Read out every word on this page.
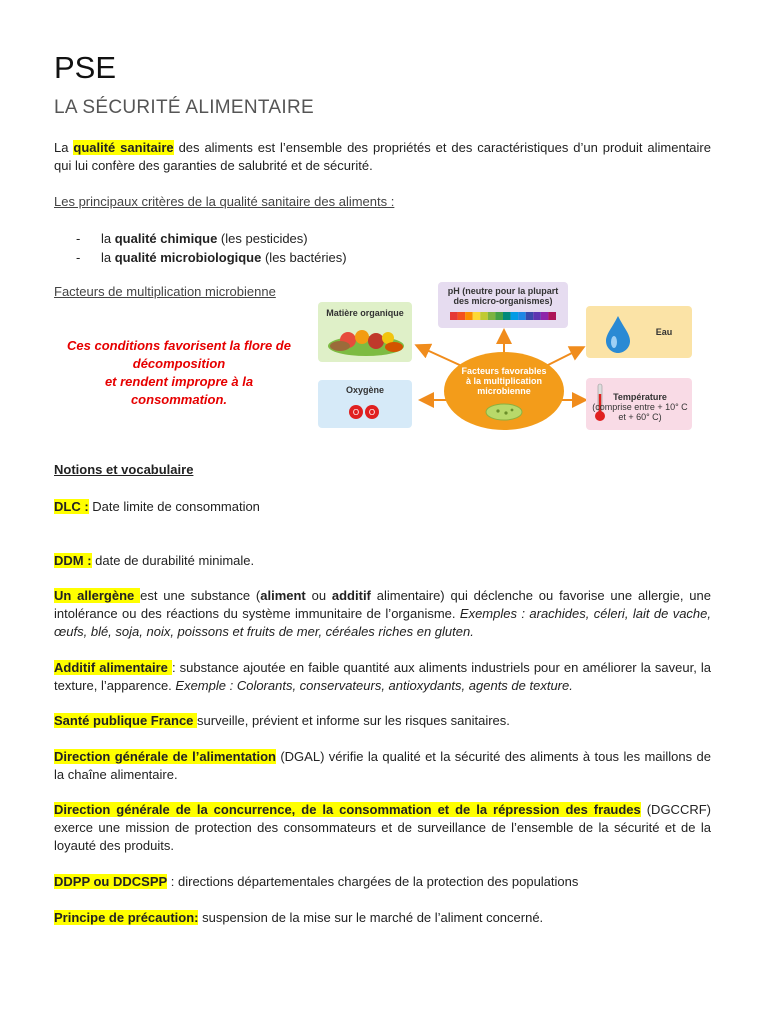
PSE
LA SÉCURITÉ ALIMENTAIRE
La qualité sanitaire des aliments est l’ensemble des propriétés et des caractéristiques d’un produit alimentaire qui lui confère des garanties de salubrité et de sécurité.
Les principaux critères de la qualité sanitaire des aliments :
-	la qualité chimique (les pesticides)
-	la qualité microbiologique (les bactéries)
Facteurs de multiplication microbienne
Ces conditions favorisent la flore de
décomposition
et rendent impropre à la
consommation.
Matière organique
pH (neutre pour la plupart
des micro-organismes)
Eau
Oxygène
O O
Température
(comprise entre + 10° C
et + 60° C)
Facteurs favorables
à la multiplication
microbienne
Notions et vocabulaire
DLC : Date limite de consommation
DDM : date de durabilité minimale.
Un allergène est une substance (aliment ou additif alimentaire) qui déclenche ou favorise une allergie, une intolérance ou des réactions du système immunitaire de l’organisme. Exemples : arachides, céleri, lait de vache, œufs, blé, soja, noix, poissons et fruits de mer, céréales riches en gluten.
Additif alimentaire : substance ajoutée en faible quantité aux aliments industriels pour en améliorer la saveur, la texture, l’apparence. Exemple : Colorants, conservateurs, antioxydants, agents de texture.
Santé publique France surveille, prévient et informe sur les risques sanitaires.
Direction générale de l’alimentation (DGAL) vérifie la qualité et la sécurité des aliments à tous les maillons de la chaîne alimentaire.
Direction générale de la concurrence, de la consommation et de la répression des fraudes (DGCCRF) exerce une mission de protection des consommateurs et de surveillance de l’ensemble de la sécurité et de la loyauté des produits.
DDPP ou DDCSPP : directions départementales chargées de la protection des populations
Principe de précaution: suspension de la mise sur le marché de l’aliment concerné.
